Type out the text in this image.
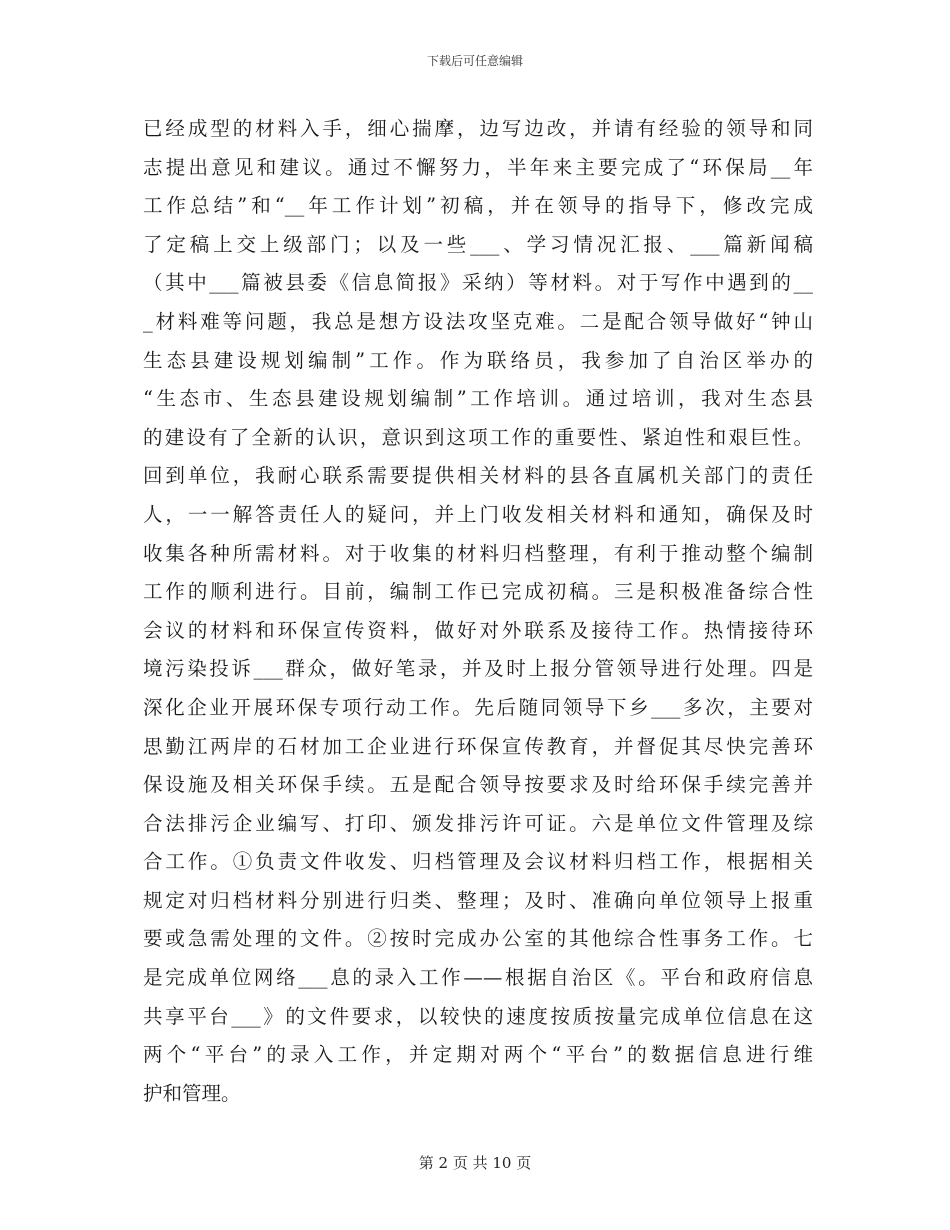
下载后可任意编辑
已经成型的材料入手，细心揣摩，边写边改，并请有经验的领导和同
志提出意见和建议。通过不懈努力，半年来主要完成了“环保局__年
工作总结”和“__年工作计划”初稿，并在领导的指导下，修改完成
了定稿上交上级部门；以及一些___、学习情况汇报、___篇新闻稿
（其中___篇被县委《信息简报》采纳）等材料。对于写作中遇到的__
_材料难等问题，我总是想方设法攻坚克难。二是配合领导做好“钟山
生态县建设规划编制”工作。作为联络员，我参加了自治区举办的
“生态市、生态县建设规划编制”工作培训。通过培训，我对生态县
的建设有了全新的认识，意识到这项工作的重要性、紧迫性和艰巨性。
回到单位，我耐心联系需要提供相关材料的县各直属机关部门的责任
人，一一解答责任人的疑问，并上门收发相关材料和通知，确保及时
收集各种所需材料。对于收集的材料归档整理，有利于推动整个编制
工作的顺利进行。目前，编制工作已完成初稿。三是积极准备综合性
会议的材料和环保宣传资料，做好对外联系及接待工作。热情接待环
境污染投诉___群众，做好笔录，并及时上报分管领导进行处理。四是
深化企业开展环保专项行动工作。先后随同领导下乡___多次，主要对
思勤江两岸的石材加工企业进行环保宣传教育，并督促其尽快完善环
保设施及相关环保手续。五是配合领导按要求及时给环保手续完善并
合法排污企业编写、打印、颁发排污许可证。六是单位文件管理及综
合工作。①负责文件收发、归档管理及会议材料归档工作，根据相关
规定对归档材料分别进行归类、整理；及时、准确向单位领导上报重
要或急需处理的文件。②按时完成办公室的其他综合性事务工作。七
是完成单位网络___息的录入工作——根据自治区《。平台和政府信息
共享平台___》的文件要求，以较快的速度按质按量完成单位信息在这
两个“平台”的录入工作，并定期对两个“平台”的数据信息进行维
护和管理。
第 2 页 共 10 页
